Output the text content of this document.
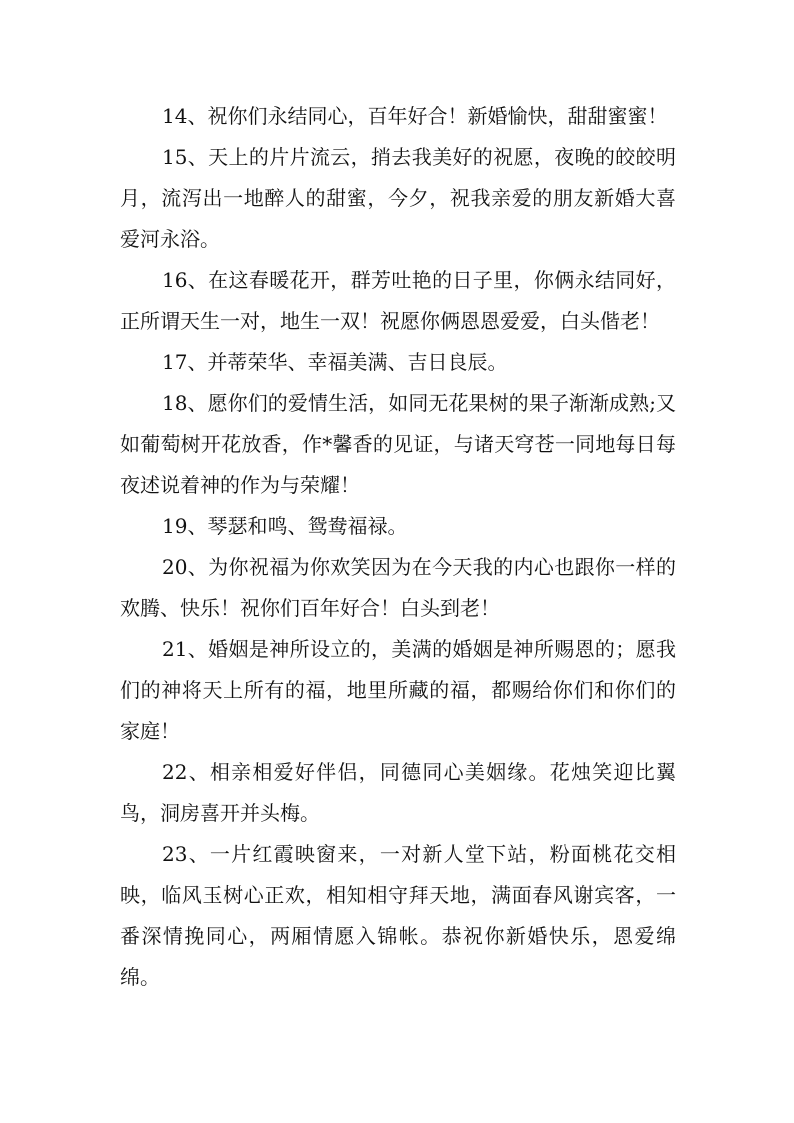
14、祝你们永结同心，百年好合！新婚愉快，甜甜蜜蜜！

15、天上的片片流云，捎去我美好的祝愿，夜晚的皎皎明月，流泻出一地醉人的甜蜜，今夕，祝我亲爱的朋友新婚大喜爱河永浴。

16、在这春暖花开，群芳吐艳的日子里，你俩永结同好，正所谓天生一对，地生一双！祝愿你俩恩恩爱爱，白头偕老！

17、并蒂荣华、幸福美满、吉日良辰。

18、愿你们的爱情生活，如同无花果树的果子渐渐成熟;又如葡萄树开花放香，作*馨香的见证，与诸天穹苍一同地每日每夜述说着神的作为与荣耀！

19、琴瑟和鸣、鸳鸯福禄。

20、为你祝福为你欢笑因为在今天我的内心也跟你一样的欢腾、快乐！祝你们百年好合！白头到老！

21、婚姻是神所设立的，美满的婚姻是神所赐恩的；愿我们的神将天上所有的福，地里所藏的福，都赐给你们和你们的家庭！

22、相亲相爱好伴侣，同德同心美姻缘。花烛笑迎比翼鸟，洞房喜开并头梅。

23、一片红霞映窗来，一对新人堂下站，粉面桃花交相映，临风玉树心正欢，相知相守拜天地，满面春风谢宾客，一番深情挽同心，两厢情愿入锦帐。恭祝你新婚快乐，恩爱绵绵。
